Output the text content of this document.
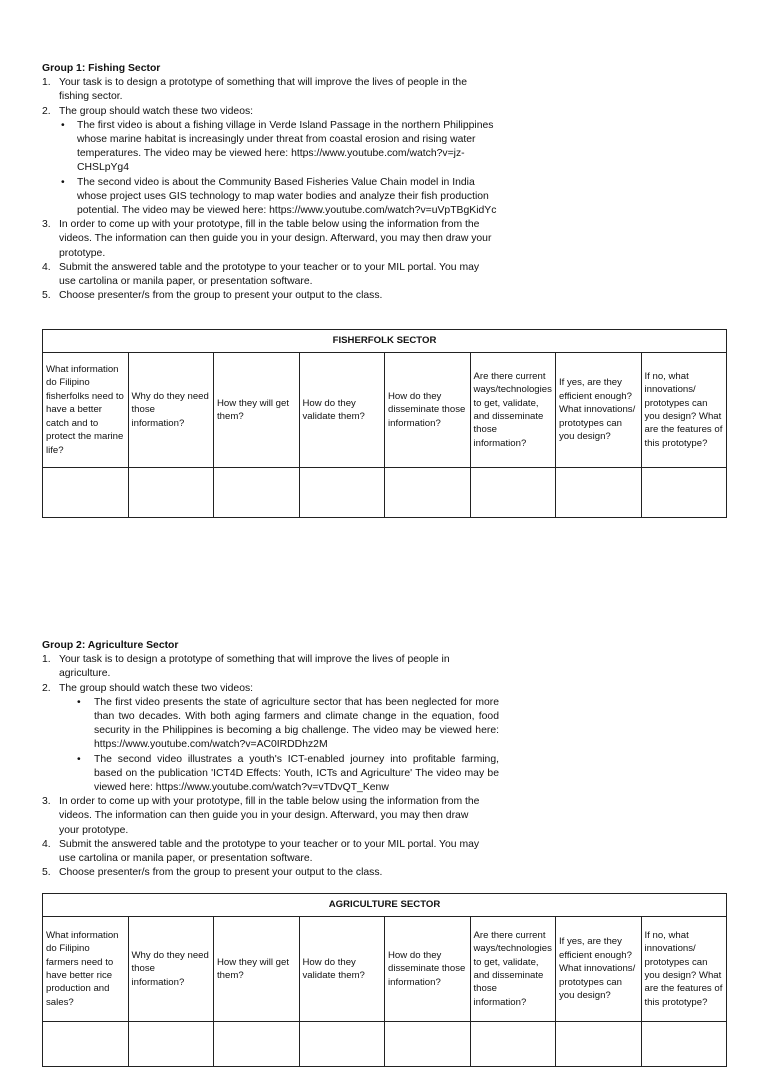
Group 1: Fishing Sector
1. Your task is to design a prototype of something that will improve the lives of people in the fishing sector.
2. The group should watch these two videos:
• The first video is about a fishing village in Verde Island Passage in the northern Philippines whose marine habitat is increasingly under threat from coastal erosion and rising water temperatures. The video may be viewed here: https://www.youtube.com/watch?v=jz-CHSLpYg4
• The second video is about the Community Based Fisheries Value Chain model in India whose project uses GIS technology to map water bodies and analyze their fish production potential. The video may be viewed here: https://www.youtube.com/watch?v=uVpTBgKidYc
3. In order to come up with your prototype, fill in the table below using the information from the videos. The information can then guide you in your design. Afterward, you may then draw your prototype.
4. Submit the answered table and the prototype to your teacher or to your MIL portal. You may use cartolina or manila paper, or presentation software.
5. Choose presenter/s from the group to present your output to the class.
FISHERFOLK SECTOR							
What information do Filipino fisherfolks need to have a better catch and to protect the marine life?	Why do they need those information?	How they will get them?	How do they validate them?	How do they disseminate those information?	Are there current ways/technologies to get, validate, and disseminate those information?	If yes, are they efficient enough? What innovations/ prototypes can you design?	If no, what innovations/ prototypes can you design? What are the features of this prototype?

Group 2: Agriculture Sector
1. Your task is to design a prototype of something that will improve the lives of people in agriculture.
2. The group should watch these two videos:
• The first video presents the state of agriculture sector that has been neglected for more than two decades. With both aging farmers and climate change in the equation, food security in the Philippines is becoming a big challenge. The video may be viewed here: https://www.youtube.com/watch?v=AC0IRDDhz2M
• The second video illustrates a youth's ICT-enabled journey into profitable farming, based on the publication 'ICT4D Effects: Youth, ICTs and Agriculture' The video may be viewed here: https://www.youtube.com/watch?v=vTDvQT_Kenw
3. In order to come up with your prototype, fill in the table below using the information from the videos. The information can then guide you in your design. Afterward, you may then draw your prototype.
4. Submit the answered table and the prototype to your teacher or to your MIL portal. You may use cartolina or manila paper, or presentation software.
5. Choose presenter/s from the group to present your output to the class.
AGRICULTURE SECTOR							
What information do Filipino farmers need to have better rice production and sales?	Why do they need those information?	How they will get them?	How do they validate them?	How do they disseminate those information?	Are there current ways/technologies to get, validate, and disseminate those information?	If yes, are they efficient enough? What innovations/ prototypes can you design?	If no, what innovations/ prototypes can you design? What are the features of this prototype?
